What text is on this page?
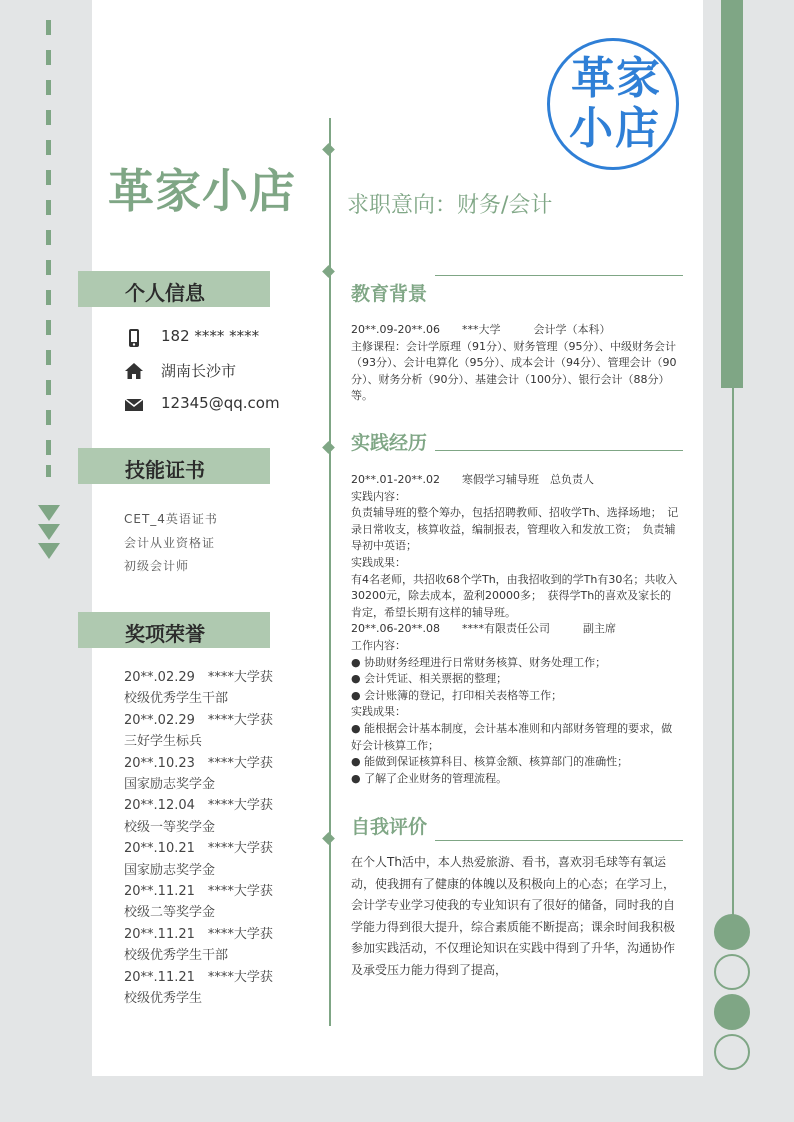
革家小店
革 家
小 店
求职意向：财务/会计
个人信息
182 **** ****
湖南长沙市
12345@qq.com
技能证书
CET_4英语证书
会计从业资格证
初级会计师
奖项荣誉
20**.02.29　****大学获
校级优秀学生干部
20**.02.29　****大学获
三好学生标兵
20**.10.23　****大学获
国家励志奖学金
20**.12.04　****大学获
校级一等奖学金
20**.10.21　****大学获
国家励志奖学金
20**.11.21　****大学获
校级二等奖学金
20**.11.21　****大学获
校级优秀学生干部
20**.11.21　****大学获
校级优秀学生
教育背景

20**.09-20**.06　　***大学　　　会计学（本科）

主修课程：会计学原理（91分）、财务管理（95分）、中级财务会计（93分）、会计电算化（95分）、成本会计（94分）、管理会计（90分）、财务分析（90分）、基建会计（100分）、银行会计（88分）等。

实践经历

20**.01-20**.02　　寒假学习辅导班　总负责人

实践内容：

负责辅导班的整个筹办，包括招聘教师、招收学Th、选择场地；　记录日常收支，核算收益，编制报表，管理收入和发放工资；　负责辅导初中英语；

实践成果：

有4名老师，共招收68个学Th，由我招收到的学Th有30名；共收入30200元，除去成本，盈利20000多；　获得学Th的喜欢及家长的肯定，希望长期有这样的辅导班。

20**.06-20**.08　　****有限责任公司　　　副主席

工作内容：

● 协助财务经理进行日常财务核算、财务处理工作；

● 会计凭证、相关票据的整理；

● 会计账簿的登记，打印相关表格等工作；

实践成果：

● 能根据会计基本制度，会计基本准则和内部财务管理的要求，做好会计核算工作；

● 能做到保证核算科目、核算金额、核算部门的准确性；

● 了解了企业财务的管理流程。

自我评价
在个人Th活中，本人热爱旅游、看书，喜欢羽毛球等有氧运动，使我拥有了健康的体魄以及积极向上的心态；在学习上，会计学专业学习使我的专业知识有了很好的储备，同时我的自学能力得到很大提升，综合素质能不断提高；课余时间我积极参加实践活动，不仅理论知识在实践中得到了升华，沟通协作及承受压力能力得到了提高，
